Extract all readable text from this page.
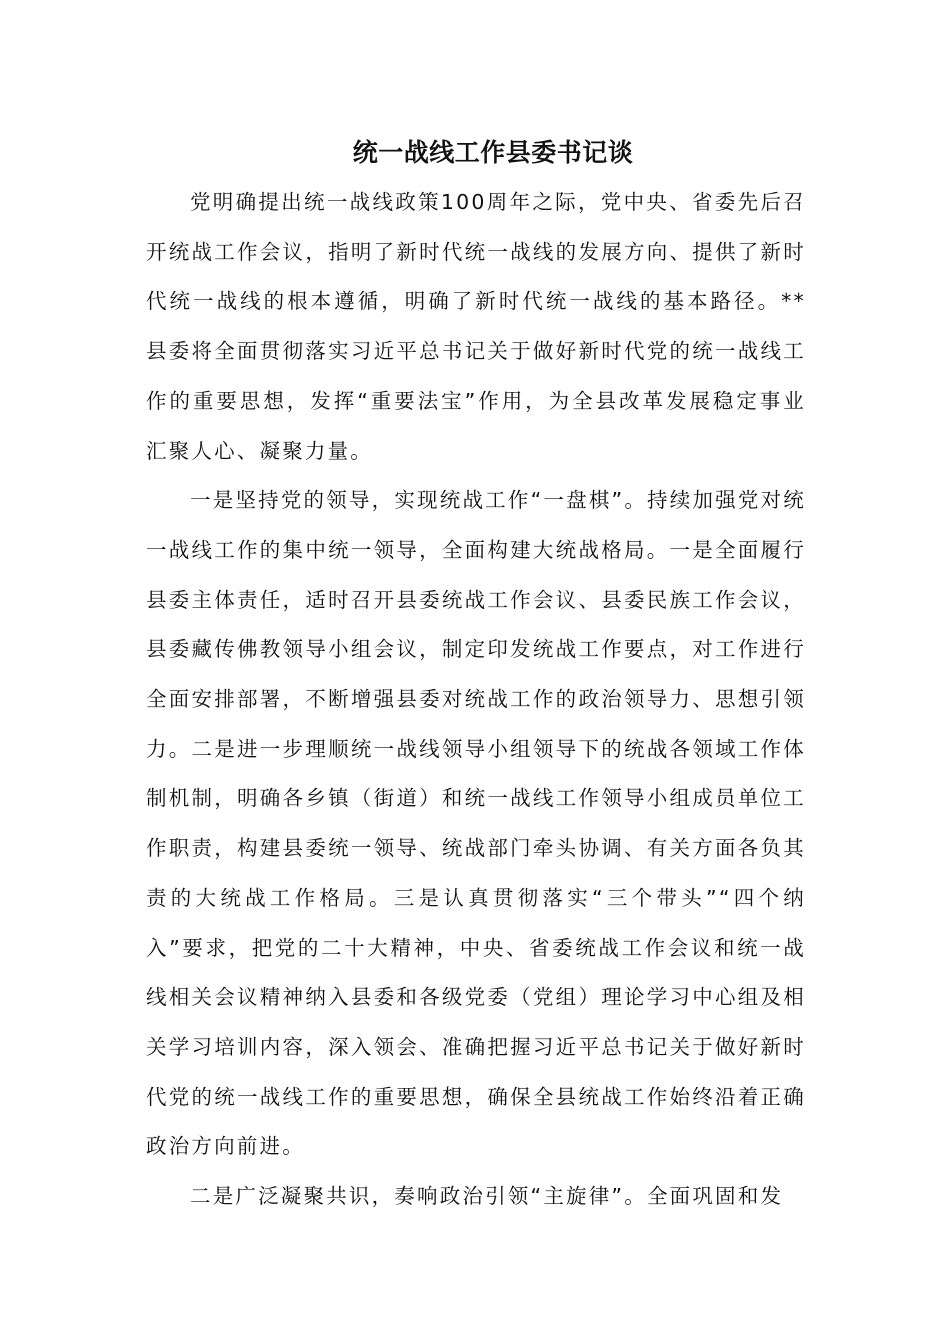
统一战线工作县委书记谈

党明确提出统一战线政策100周年之际，党中央、省委先后召开统战工作会议，指明了新时代统一战线的发展方向、提供了新时代统一战线的根本遵循，明确了新时代统一战线的基本路径。**县委将全面贯彻落实习近平总书记关于做好新时代党的统一战线工作的重要思想，发挥“重要法宝”作用，为全县改革发展稳定事业汇聚人心、凝聚力量。

一是坚持党的领导，实现统战工作“一盘棋”。持续加强党对统一战线工作的集中统一领导，全面构建大统战格局。一是全面履行县委主体责任，适时召开县委统战工作会议、县委民族工作会议，县委藏传佛教领导小组会议，制定印发统战工作要点，对工作进行全面安排部署，不断增强县委对统战工作的政治领导力、思想引领力。二是进一步理顺统一战线领导小组领导下的统战各领域工作体制机制，明确各乡镇（街道）和统一战线工作领导小组成员单位工作职责，构建县委统一领导、统战部门牵头协调、有关方面各负其责的大统战工作格局。三是认真贯彻落实“三个带头”“四个纳入”要求，把党的二十大精神，中央、省委统战工作会议和统一战线相关会议精神纳入县委和各级党委（党组）理论学习中心组及相关学习培训内容，深入领会、准确把握习近平总书记关于做好新时代党的统一战线工作的重要思想，确保全县统战工作始终沿着正确政治方向前进。

二是广泛凝聚共识，奏响政治引领“主旋律”。全面巩固和发
